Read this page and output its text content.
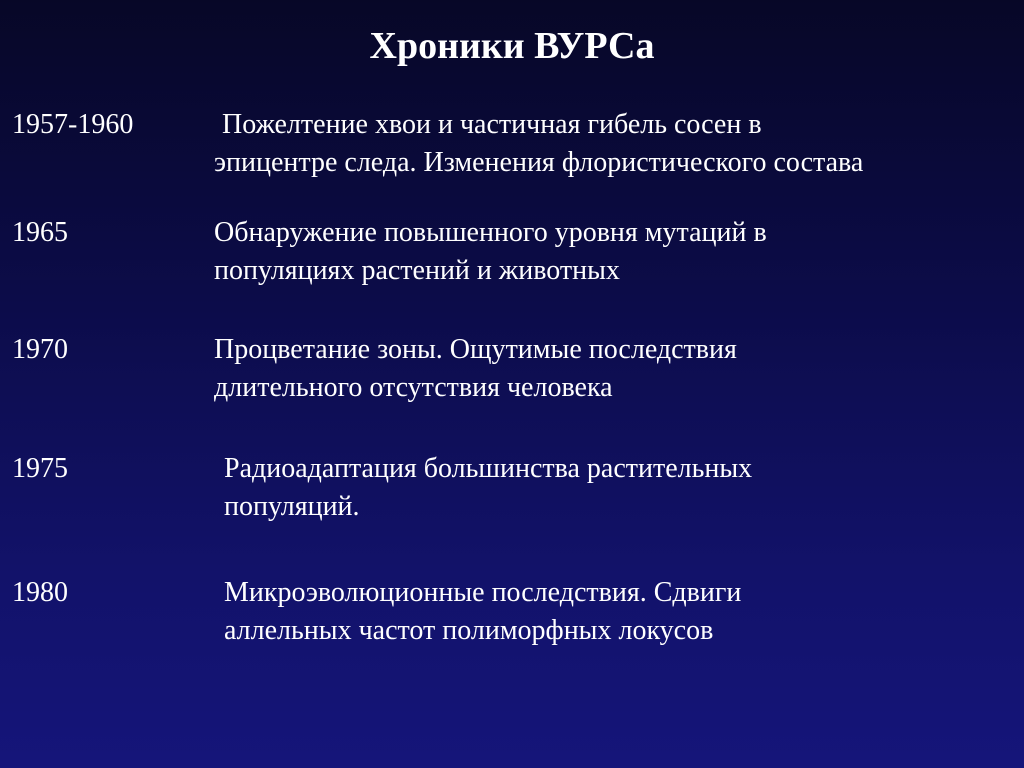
Хроники ВУРСа
1957-1960	Пожелтение хвои и частичная гибель сосен в
эпицентре следа. Изменения флористического состава
1965	Обнаружение повышенного уровня мутаций в
популяциях растений и животных
1970	Процветание зоны. Ощутимые последствия
длительного отсутствия человека
1975	Радиоадаптация большинства растительных
популяций.
1980	Микроэволюционные последствия. Сдвиги
аллельных частот полиморфных локусов
